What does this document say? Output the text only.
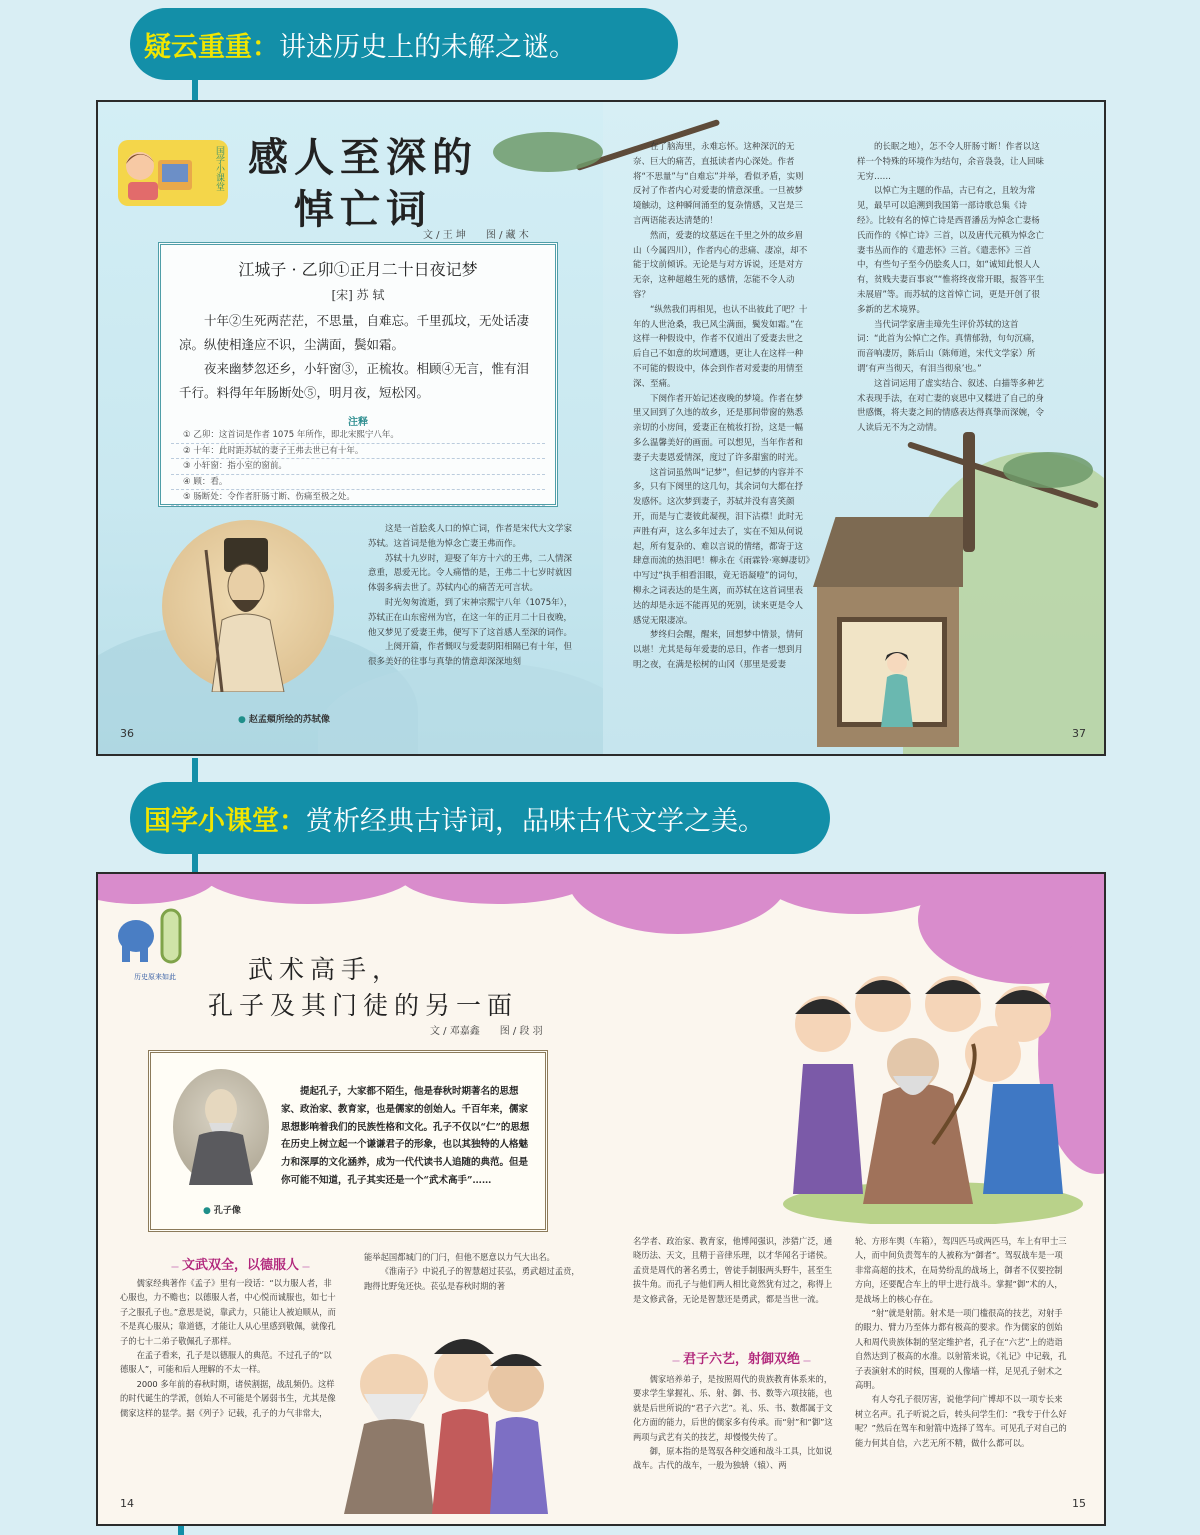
疑云重重： 讲述历史上的未解之谜。
国学小课堂 感人至深的
悼亡词
文 / 王 坤　　图 / 藏 木
江城子 · 乙卯①正月二十日夜记梦
[宋] 苏 轼

十年②生死两茫茫，不思量，自难忘。千里孤坟，无处话凄凉。纵使相逢应不识，尘满面，鬓如霜。

夜来幽梦忽还乡，小轩窗③，正梳妆。相顾④无言，惟有泪千行。料得年年肠断处⑤，明月夜，短松冈。

注释
① 乙卯：这首词是作者 1075 年所作，即北宋熙宁八年。
② 十年：此时距苏轼的妻子王弗去世已有十年。
③ 小轩窗：指小室的窗前。
④ 顾：看。
⑤ 肠断处：令作者肝肠寸断、伤痛至极之处。
● 赵孟頫所绘的苏轼像

这是一首脍炙人口的悼亡词，作者是宋代大文学家苏轼。这首词是他为悼念亡妻王弗而作。

苏轼十九岁时，迎娶了年方十六的王弗，二人情深意重，恩爱无比。令人痛惜的是，王弗二十七岁时就因体弱多病去世了。苏轼内心的痛苦无可言状。

时光匆匆流逝，到了宋神宗熙宁八年（1075年），苏轼正在山东密州为官，在这一年的正月二十日夜晚，他又梦见了爱妻王弗，便写下了这首感人至深的词作。

上阕开篇，作者慨叹与爱妻阴阳相隔已有十年，但很多美好的往事与真挚的情意却深深地刻

36

在了脑海里，永难忘怀。这种深沉的无奈、巨大的痛苦，直抵读者内心深处。作者将“不思量”与“自难忘”并举，看似矛盾，实则反衬了作者内心对爱妻的情意深重。一旦被梦境触动，这种瞬间涌至的复杂情感，又岂是三言两语能表达清楚的！

然而，爱妻的坟墓远在千里之外的故乡眉山（今属四川），作者内心的悲痛、凄凉，却不能于坟前倾诉。无论是与对方诉说，还是对方无奈，这种超越生死的感情，怎能不令人动容？

“纵然我们再相见，也认不出彼此了吧？十年的人世沧桑，我已风尘满面，鬓发如霜。”在这样一种假设中，作者不仅道出了爱妻去世之后自己不如意的坎坷遭遇，更让人在这样一种不可能的假设中，体会到作者对爱妻的用情至深、至痛。

下阕作者开始记述夜晚的梦境。作者在梦里又回到了久违的故乡，还是那间带窗的熟悉亲切的小房间，爱妻正在梳妆打扮，这是一幅多么温馨美好的画面。可以想见，当年作者和妻子夫妻恩爱情深，度过了许多甜蜜的时光。

这首词虽然叫“记梦”，但记梦的内容并不多，只有下阕里的这几句，其余词句大都在抒发感怀。这次梦到妻子，苏轼并没有喜笑颜开，而是与亡妻彼此凝视，泪下沾襟！此时无声胜有声，这么多年过去了，实在不知从何说起，所有复杂的、难以言说的情绪，都寄于这肆意而流的热泪吧！柳永在《雨霖铃·寒蝉凄切》中写过“执手相看泪眼，竟无语凝噎”的词句，柳永之词表达的是生离，而苏轼在这首词里表达的却是永远不能再见的死别，读来更是令人感觉无限凄凉。

梦终归会醒，醒来，回想梦中情景，情何以堪！尤其是每年爱妻的忌日，作者一想到月明之夜，在满是松树的山冈（那里是爱妻

的长眠之地），怎不令人肝肠寸断！作者以这样一个特殊的环境作为结句，余音袅袅，让人回味无穷……

以悼亡为主题的作品，古已有之，且较为常见，最早可以追溯到我国第一部诗歌总集《诗经》。比较有名的悼亡诗是西晋潘岳为悼念亡妻杨氏而作的《悼亡诗》三首，以及唐代元稹为悼念亡妻韦丛而作的《遣悲怀》三首。《遣悲怀》三首中，有些句子至今仍脍炙人口，如“诚知此恨人人有，贫贱夫妻百事哀”“惟将终夜常开眼，报答平生未展眉”等。而苏轼的这首悼亡词，更是开创了很多新的艺术境界。

当代词学家唐圭璋先生评价苏轼的这首词：“此首为公悼亡之作。真情郁勃，句句沉痛，而音响凄厉，陈后山（陈师道，宋代文学家）所谓‘有声当彻天，有泪当彻泉’也。”

这首词运用了虚实结合、叙述、白描等多种艺术表现手法，在对亡妻的哀思中又糅进了自己的身世感慨，将夫妻之间的情感表达得真挚而深婉，令人读后无不为之动情。

37
国学小课堂： 赏析经典古诗词，品味古代文学之美。
历史原来如此	武术高手，
孔子及其门徒的另一面
文 / 邓嘉鑫　　图 / 段 羽
● 孔子像

提起孔子，大家都不陌生，他是春秋时期著名的思想家、政治家、教育家，也是儒家的创始人。千百年来，儒家思想影响着我们的民族性格和文化。孔子不仅以“仁”的思想在历史上树立起一个谦谦君子的形象，也以其独特的人格魅力和深厚的文化涵养，成为一代代读书人追随的典范。但是你可能不知道，孔子其实还是一个“武术高手”……

— 文武双全，以德服人 —

儒家经典著作《孟子》里有一段话：“以力服人者，非心服也，力不赡也；以德服人者，中心悦而诚服也，如七十子之服孔子也。”意思是说，靠武力，只能让人被迫顺从，而不是真心服从；靠道德，才能让人从心里感到敬佩，就像孔子的七十二弟子敬佩孔子那样。

在孟子看来，孔子是以德服人的典范。不过孔子的“以德服人”，可能和后人理解的不太一样。

2000 多年前的春秋时期，诸侯割据，战乱频仍。这样的时代诞生的学派，创始人不可能是个孱弱书生，尤其是像儒家这样的显学。据《列子》记载，孔子的力气非常大，

能举起国都城门的门闩，但他不愿意以力气大出名。

《淮南子》中说孔子的智慧超过苌弘，勇武超过孟贲，跑得比野兔还快。苌弘是春秋时期的著

14

名学者、政治家、教育家，他博闻强识，涉猎广泛，通晓历法、天文，且精于音律乐理，以才华闻名于诸侯。孟贲是周代的著名勇士，曾徒手制服两头野牛，甚至生拔牛角。而孔子与他们两人相比竟然犹有过之，称得上是文修武备，无论是智慧还是勇武，都是当世一流。

— 君子六艺，射御双绝 —

儒家培养弟子，是按照周代的贵族教育体系来的，要求学生掌握礼、乐、射、御、书、数等六项技能，也就是后世所说的“君子六艺”。礼、乐、书、数都属于文化方面的能力，后世的儒家多有传承。而“射”和“御”这两项与武艺有关的技艺，却慢慢失传了。

御，原本指的是驾驭各种交通和战斗工具，比如说战车。古代的战车，一般为独辀（辕）、两

轮、方形车舆（车箱），驾四匹马或两匹马，车上有甲士三人，而中间负责驾车的人被称为“御者”。驾驭战车是一项非常高超的技术，在局势纷乱的战场上，御者不仅要控制方向，还要配合车上的甲士进行战斗。掌握“御”术的人，是战场上的核心存在。

“射”就是射箭。射术是一项门槛很高的技艺，对射手的眼力、臂力乃至体力都有极高的要求。作为儒家的创始人和周代贵族体制的坚定维护者，孔子在“六艺”上的造诣自然达到了极高的水准。以射箭来说，《礼记》中记载，孔子表演射术的时候，围观的人像墙一样，足见孔子射术之高明。

有人夸孔子很厉害，说他学问广博却不以一项专长来树立名声。孔子听说之后，转头问学生们：“我专于什么好呢？”然后在驾车和射箭中选择了驾车。可见孔子对自己的能力何其自信，六艺无所不精，做什么都可以。

15
